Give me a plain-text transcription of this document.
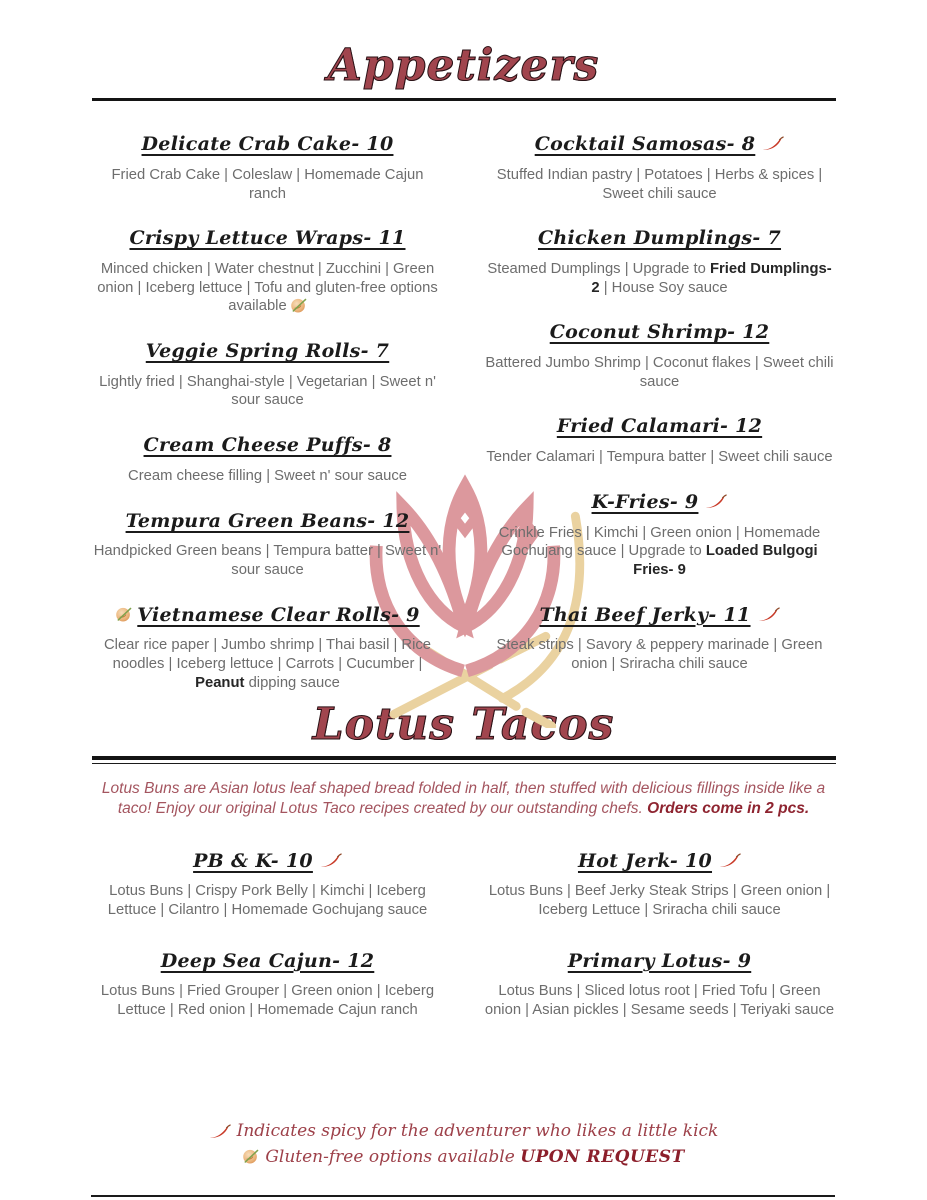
Appetizers
Delicate Crab Cake- 10

Fried Crab Cake | Coleslaw | Homemade Cajun ranch

Crispy Lettuce Wraps- 11

Minced chicken | Water chestnut | Zucchini | Green onion | Iceberg lettuce | Tofu and gluten-free options available

Veggie Spring Rolls- 7

Lightly fried | Shanghai-style | Vegetarian | Sweet n' sour sauce

Cream Cheese Puffs- 8

Cream cheese filling | Sweet n' sour sauce

Tempura Green Beans- 12

Handpicked Green beans | Tempura batter | Sweet n' sour sauce

Vietnamese Clear Rolls- 9

Clear rice paper | Jumbo shrimp | Thai basil | Rice noodles | Iceberg lettuce | Carrots | Cucumber | Peanut dipping sauce

Cocktail Samosas- 8

Stuffed Indian pastry | Potatoes | Herbs & spices | Sweet chili sauce

Chicken Dumplings- 7

Steamed Dumplings | Upgrade to Fried Dumplings- 2 | House Soy sauce

Coconut Shrimp- 12

Battered Jumbo Shrimp | Coconut flakes | Sweet chili sauce

Fried Calamari- 12

Tender Calamari | Tempura batter | Sweet chili sauce

K-Fries- 9

Crinkle Fries | Kimchi | Green onion | Homemade Gochujang sauce | Upgrade to Loaded Bulgogi Fries- 9

Thai Beef Jerky- 11

Steak strips | Savory & peppery marinade | Green onion | Sriracha chili sauce

Lotus Tacos

Lotus Buns are Asian lotus leaf shaped bread folded in half, then stuffed with delicious fillings inside like a taco! Enjoy our original Lotus Taco recipes created by our outstanding chefs. Orders come in 2 pcs.

PB & K- 10

Lotus Buns | Crispy Pork Belly | Kimchi | Iceberg Lettuce | Cilantro | Homemade Gochujang sauce

Deep Sea Cajun- 12

Lotus Buns | Fried Grouper | Green onion | Iceberg Lettuce | Red onion | Homemade Cajun ranch

Hot Jerk- 10

Lotus Buns | Beef Jerky Steak Strips | Green onion | Iceberg Lettuce | Sriracha chili sauce

Primary Lotus- 9

Lotus Buns | Sliced lotus root | Fried Tofu | Green onion | Asian pickles | Sesame seeds | Teriyaki sauce

Indicates spicy for the adventurer who likes a little kick
Gluten-free options available UPON REQUEST
